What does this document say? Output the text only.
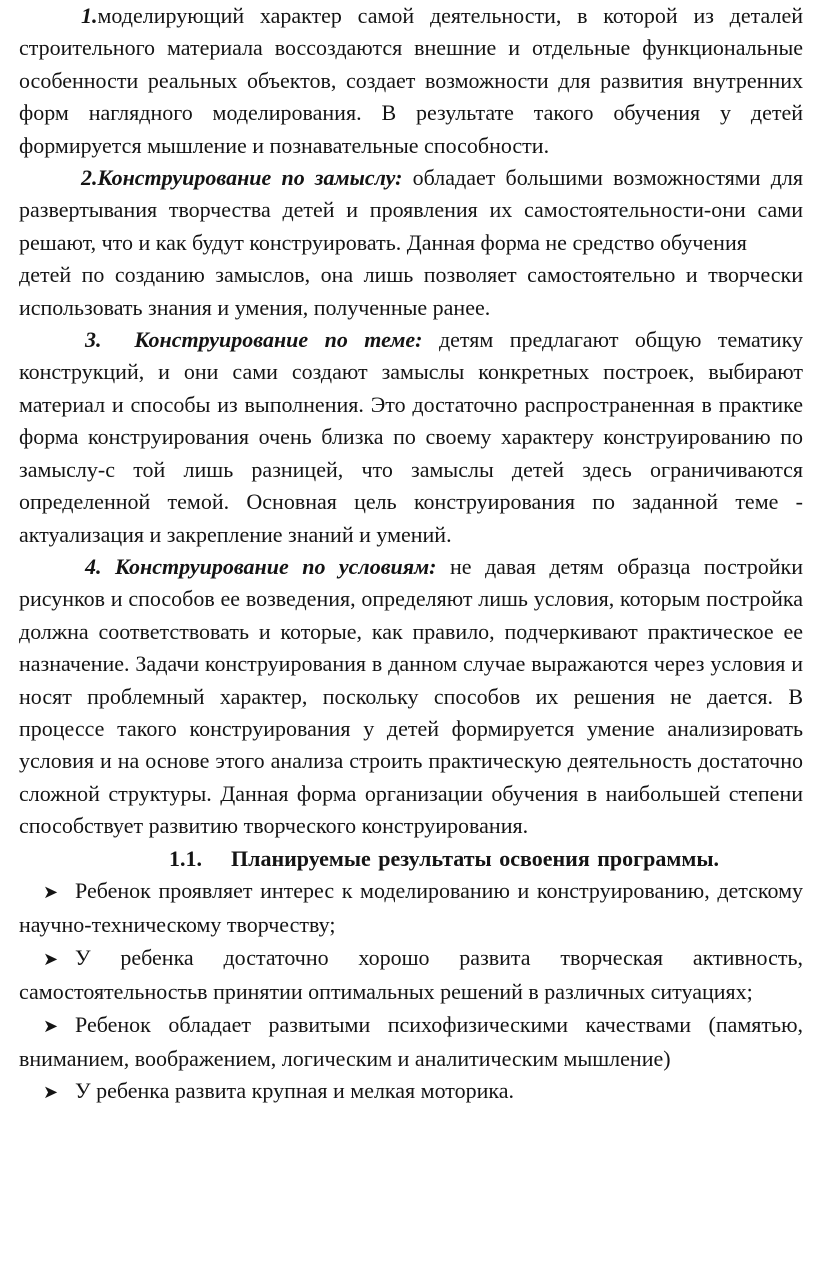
1.моделирующий характер самой деятельности, в которой из деталей строительного материала воссоздаются внешние и отдельные функциональные особенности реальных объектов, создает возможности для развития внутренних форм наглядного моделирования. В результате такого обучения у детей формируется мышление и познавательные способности.

2.Конструирование по замыслу: обладает большими возможностями для развертывания творчества детей и проявления их самостоятельности-они сами решают, что и как будут конструировать. Данная форма не средство обучения

детей по созданию замыслов, она лишь позволяет самостоятельно и творчески использовать знания и умения, полученные ранее.

3. Конструирование по теме: детям предлагают общую тематику конструкций, и они сами создают замыслы конкретных построек, выбирают материал и способы из выполнения. Это достаточно распространенная в практике форма конструирования очень близка по своему характеру конструированию по замыслу-с той лишь разницей, что замыслы детей здесь ограничиваются определенной темой. Основная цель конструирования по заданной теме - актуализация и закрепление знаний и умений.

4. Конструирование по условиям: не давая детям образца постройки рисунков и способов ее возведения, определяют лишь условия, которым постройка должна соответствовать и которые, как правило, подчеркивают практическое ее назначение. Задачи конструирования в данном случае выражаются через условия и носят проблемный характер, поскольку способов их решения не дается. В процессе такого конструирования у детей формируется умение анализировать условия и на основе этого анализа строить практическую деятельность достаточно сложной структуры. Данная форма организации обучения в наибольшей степени способствует развитию творческого конструирования.

1.1. Планируемые результаты освоения программы.

➤ Ребенок проявляет интерес к моделированию и конструированию, детскому научно-техническому творчеству;

➤ У ребенка достаточно хорошо развита творческая активность, самостоятельностьв принятии оптимальных решений в различных ситуациях;

➤ Ребенок обладает развитыми психофизическими качествами (памятью, вниманием, воображением, логическим и аналитическим мышление)

➤ У ребенка развита крупная и мелкая моторика.
